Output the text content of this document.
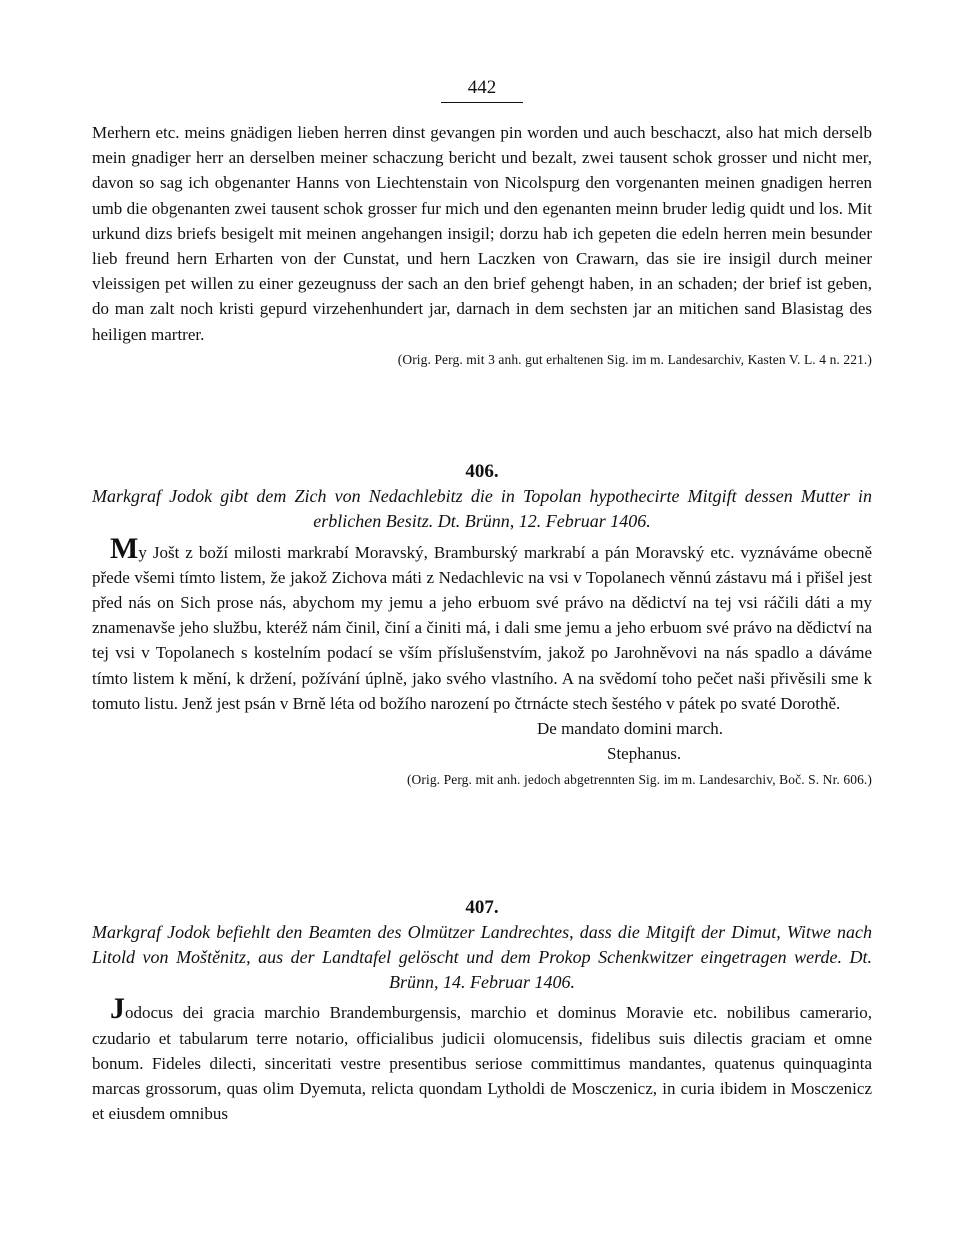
442

Merhern etc. meins gnädigen lieben herren dinst gevangen pin worden und auch beschaczt, also hat mich derselb mein gnadiger herr an derselben meiner schaczung bericht und bezalt, zwei tausent schok grosser und nicht mer, davon so sag ich obgenanter Hanns von Liechtenstain von Nicolspurg den vorgenanten meinen gnadigen herren umb die obgenanten zwei tausent schok grosser fur mich und den egenanten meinn bruder ledig quidt und los. Mit urkund dizs briefs besigelt mit meinen angehangen insigil; dorzu hab ich gepeten die edeln herren mein besunder lieb freund hern Erharten von der Cunstat, und hern Laczken von Crawarn, das sie ire insigil durch meiner vleissigen pet willen zu einer gezeugnuss der sach an den brief gehengt haben, in an schaden; der brief ist geben, do man zalt noch kristi gepurd virzehenhundert jar, darnach in dem sechsten jar an mitichen sand Blasistag des heiligen martrer.

(Orig. Perg. mit 3 anh. gut erhaltenen Sig. im m. Landesarchiv, Kasten V. L. 4 n. 221.)

406.

Markgraf Jodok gibt dem Zich von Nedachlebitz die in Topolan hypothecirte Mitgift dessen Mutter in erblichen Besitz. Dt. Brünn, 12. Februar 1406.

My Jošt z boží milosti markrabí Moravský, Bramburský markrabí a pán Moravský etc. vyznáváme obecně přede všemi tímto listem, že jakož Zichova máti z Nedachlevic na vsi v Topolanech věnnú zástavu má i přišel jest před nás on Sich prose nás, abychom my jemu a jeho erbuom své právo na dědictví na tej vsi ráčili dáti a my znamenavše jeho službu, kteréž nám činil, činí a činiti má, i dali sme jemu a jeho erbuom své právo na dědictví na tej vsi v Topolanech s kostelním podací se vším příslušenstvím, jakož po Jarohněvovi na nás spadlo a dáváme tímto listem k mění, k držení, požívání úplně, jako svého vlastního. A na svědomí toho pečet naši přivěsili sme k tomuto listu. Jenž jest psán v Brně léta od božího narození po čtrnácte stech šestého v pátek po svaté Dorothě.

De mandato domini march.

Stephanus.

(Orig. Perg. mit anh. jedoch abgetrennten Sig. im m. Landesarchiv, Boč. S. Nr. 606.)

407.

Markgraf Jodok befiehlt den Beamten des Olmützer Landrechtes, dass die Mitgift der Dimut, Witwe nach Litold von Moštěnitz, aus der Landtafel gelöscht und dem Prokop Schenkwitzer eingetragen werde. Dt. Brünn, 14. Februar 1406.

Jodocus dei gracia marchio Brandemburgensis, marchio et dominus Moravie etc. nobilibus camerario, czudario et tabularum terre notario, officialibus judicii olomucensis, fidelibus suis dilectis graciam et omne bonum. Fideles dilecti, sinceritati vestre presentibus seriose committimus mandantes, quatenus quinquaginta marcas grossorum, quas olim Dyemuta, relicta quondam Lytholdi de Mosczenicz, in curia ibidem in Mosczenicz et eiusdem omnibus
